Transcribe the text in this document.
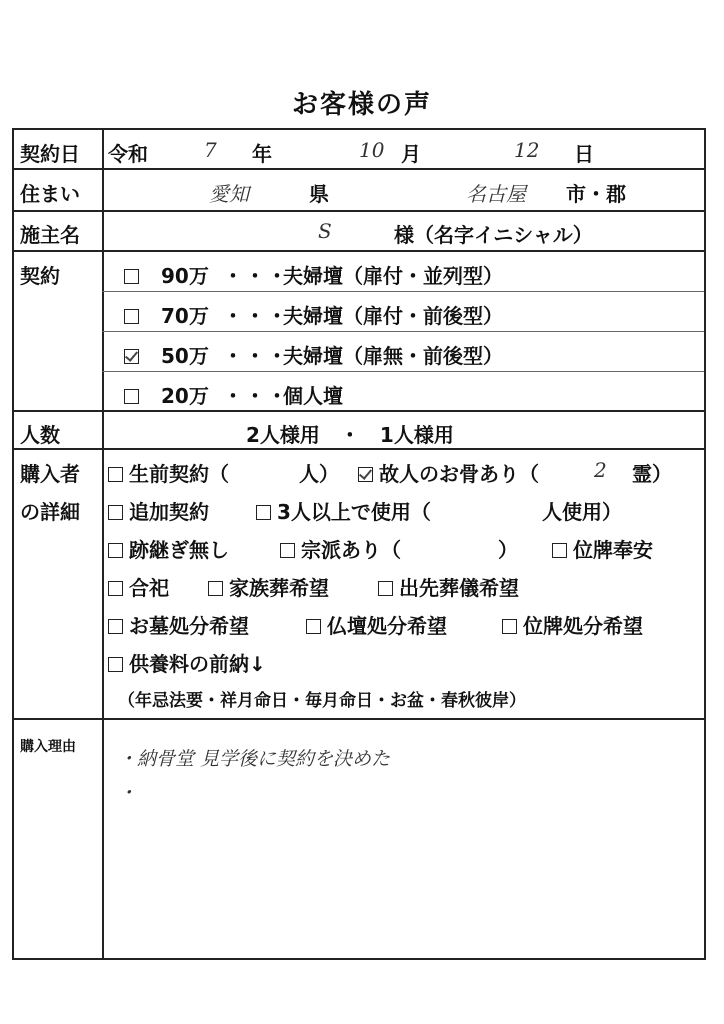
お客様の声
契約日 令和	7 年	10 月	12 日
住まい	愛知	県	名古屋 市・郡
施主名	S	様（名字イニシャル）
契約	90万 ・・・夫婦壇（扉付・並列型）
70万 ・・・夫婦壇（扉付・前後型）
50万 ・・・夫婦壇（扉無・前後型）
20万 ・・・個人壇
人数	2人様用　・　1人様用
購入者
の詳細
生前契約（	人）	故人のお骨あり（	2 霊）
追加契約	3人以上で使用（	人使用）
跡継ぎ無し	宗派あり（	）	位牌奉安
合祀	家族葬希望	出先葬儀希望
お墓処分希望	仏壇処分希望	位牌処分希望
供養料の前納↓
（年忌法要・祥月命日・毎月命日・お盆・春秋彼岸）
購入理由
・納骨堂 見学後に契約を決めた
・
